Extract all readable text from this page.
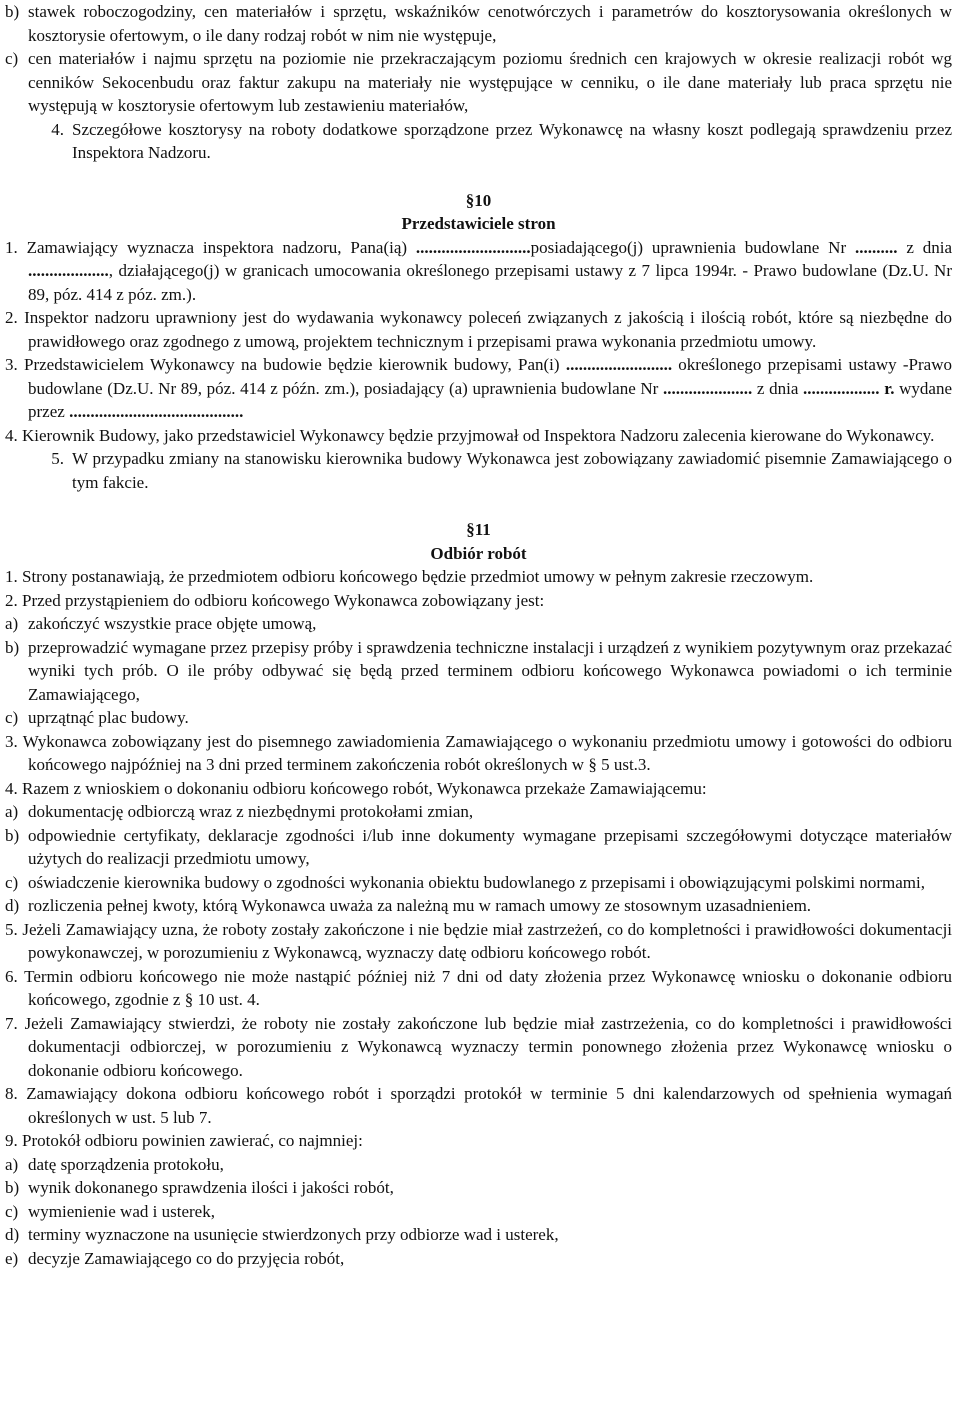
b) stawek roboczogodziny, cen materiałów i sprzętu, wskaźników cenotwórczych i parametrów do kosztorysowania określonych w kosztorysie ofertowym, o ile dany rodzaj robót w nim nie występuje,
c) cen materiałów i najmu sprzętu na poziomie nie przekraczającym poziomu średnich cen krajowych w okresie realizacji robót wg cenników Sekocenbudu oraz faktur zakupu na materiały nie występujące w cenniku, o ile dane materiały lub praca sprzętu nie występują w kosztorysie ofertowym lub zestawieniu materiałów,
4. Szczegółowe kosztorysy na roboty dodatkowe sporządzone przez Wykonawcę na własny koszt podlegają sprawdzeniu przez Inspektora Nadzoru.

§10

Przedstawiciele stron

1. Zamawiający wyznacza inspektora nadzoru, Pana(ią) ...........................posiadającego(j) uprawnienia budowlane Nr .......... z dnia ..................., działającego(j) w granicach umocowania określonego przepisami ustawy z 7 lipca 1994r. - Prawo budowlane (Dz.U. Nr 89, póz. 414 z póz. zm.).

2. Inspektor nadzoru uprawniony jest do wydawania wykonawcy poleceń związanych z jakością i ilością robót, które są niezbędne do prawidłowego oraz zgodnego z umową, projektem technicznym i przepisami prawa wykonania przedmiotu umowy.

3. Przedstawicielem Wykonawcy na budowie będzie kierownik budowy, Pan(i) ......................... określonego przepisami ustawy -Prawo budowlane (Dz.U. Nr 89, póz. 414 z późn. zm.), posiadający (a) uprawnienia budowlane Nr ..................... z dnia .................. r. wydane przez .........................................

4. Kierownik Budowy, jako przedstawiciel Wykonawcy będzie przyjmował od Inspektora Nadzoru zalecenia kierowane do Wykonawcy.

5. W przypadku zmiany na stanowisku kierownika budowy Wykonawca jest zobowiązany zawiadomić pisemnie Zamawiającego o tym fakcie.

§11

Odbiór robót

1. Strony postanawiają, że przedmiotem odbioru końcowego będzie przedmiot umowy w pełnym zakresie rzeczowym.

2. Przed przystąpieniem do odbioru końcowego Wykonawca zobowiązany jest:

a) zakończyć wszystkie prace objęte umową,
b) przeprowadzić wymagane przez przepisy próby i sprawdzenia techniczne instalacji i urządzeń z wynikiem pozytywnym oraz przekazać wyniki tych prób. O ile próby odbywać się będą przed terminem odbioru końcowego Wykonawca powiadomi o ich terminie Zamawiającego,
c) uprzątnąć plac budowy.

3. Wykonawca zobowiązany jest do pisemnego zawiadomienia Zamawiającego o wykonaniu przedmiotu umowy i gotowości do odbioru końcowego najpóźniej na 3 dni przed terminem zakończenia robót określonych w § 5 ust.3.

4. Razem z wnioskiem o dokonaniu odbioru końcowego robót, Wykonawca przekaże Zamawiającemu:

a) dokumentację odbiorczą wraz z niezbędnymi protokołami zmian,
b) odpowiednie certyfikaty, deklaracje zgodności i/lub inne dokumenty wymagane przepisami szczegółowymi dotyczące materiałów użytych do realizacji przedmiotu umowy,
c) oświadczenie kierownika budowy o zgodności wykonania obiektu budowlanego z przepisami i obowiązującymi polskimi normami,
d) rozliczenia pełnej kwoty, którą Wykonawca uważa za należną mu w ramach umowy ze stosownym uzasadnieniem.

5. Jeżeli Zamawiający uzna, że roboty zostały zakończone i nie będzie miał zastrzeżeń, co do kompletności i prawidłowości dokumentacji powykonawczej, w porozumieniu z Wykonawcą, wyznaczy datę odbioru końcowego robót.

6. Termin odbioru końcowego nie może nastąpić później niż 7 dni od daty złożenia przez Wykonawcę wniosku o dokonanie odbioru końcowego, zgodnie z § 10 ust. 4.

7. Jeżeli Zamawiający stwierdzi, że roboty nie zostały zakończone lub będzie miał zastrzeżenia, co do kompletności i prawidłowości dokumentacji odbiorczej, w porozumieniu z Wykonawcą wyznaczy termin ponownego złożenia przez Wykonawcę wniosku o dokonanie odbioru końcowego.

8. Zamawiający dokona odbioru końcowego robót i sporządzi protokół w terminie 5 dni kalendarzowych od spełnienia wymagań określonych w ust. 5 lub 7.

9. Protokół odbioru powinien zawierać, co najmniej:

a) datę sporządzenia protokołu,
b) wynik dokonanego sprawdzenia ilości i jakości robót,
c) wymienienie wad i usterek,
d) terminy wyznaczone na usunięcie stwierdzonych przy odbiorze wad i usterek,
e) decyzje Zamawiającego co do przyjęcia robót,
